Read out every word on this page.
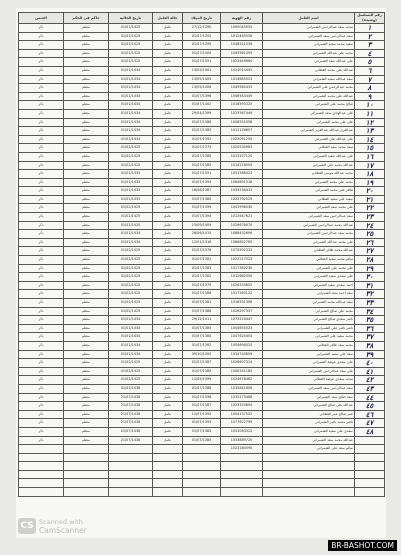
رقم التسلسل (وصيدة)	اسم العامل	رقم الهوية	تاريخ الميلاد	حالة العامل	تاريخ الحالية	حاكم في الحكم	الجنس
١	محمد سعد عبدالرحمن الشمراني	1090045055	27/12/1390	عامل	01/01/1425	منطم	ذكر
٢	سعد عبدالرحمن سعد الشمراني	1012465558	01/07/1392	عامل	01/01/1425	منطم	ذكر
٣	سعيد محمد سعيد الشمراني	1048521536	01/07/1390	عامل	01/01/1425	منطم	ذكر
٤	محمد علي عبدالله الشمراني	1045561095	01/07/1400	عامل	01/01/1425	منطم	ذكر
٥	علي عبدالله سعد الشمراني	1023449664	01/07/1391	عامل	01/01/1425	منطم	ذكر
٦	عبدالله علي محمد القطاني	1024014455	13/05/1401	عامل	01/01/1434	منطم	ذكر
٧	سعد عبدالله سعيد الشمراني	1014665023	13/05/1405	عامل	01/01/1434	منطم	ذكر
٨	محمد عبدالرحمن علي الشمراني	1049560433	13/05/1406	عامل	01/01/1434	منطم	ذكر
٩	عبدالله علي محمد الشمراني	1046583449	01/07/1396	عامل	01/01/1434	منطم	ذكر
١٠	صالح محمد علي الشمراني	1016593325	01/07/1402	عامل	01/01/1434	منطم	ذكر
١١	علي عبدالهادي سعد الشمراني	1025567449	29/04/1399	عامل	01/01/1434	منطم	ذكر
١٢	علي علي محمد الشمراني	1008551058	01/07/1388	عامل	01/01/1434	منطم	ذكر
١٣	عبدالعزيز عبدالله عبدالعزيز الشمراني	1012126657	01/07/1383	عامل	01/01/1434	منطم	ذكر
١٤	علي عبدالله علي الشمراني	1022051250	01/07/1392	عامل	01/01/1434	منطم	ذكر
١٥	سعد محمد سعد القطاني	1020530963	01/07/1375	عامل	01/02/1425	منطم	ذكر
١٦	علي عبدالله سعيد الشمراني	1013157120	01/07/1380	عامل	01/02/1425	منطم	ذكر
١٧	عبدالله محمد علي الشمراني	1014218505	01/07/1385	عامل	01/02/1425	منطم	ذكر
١٨	محمد عبدالله موسى القطاني	1051568423	01/07/1391	عامل	01/01/1435	منطم	ذكر
١٩	محمد علي محمد الشمراني	1064691518	01/07/1394	عامل	01/01/1435	منطم	ذكر
٢٠	ظافر علي محمد الشمراني	1035534412	16/08/1387	عامل	01/01/1435	منطم	ذكر
٢١	سعيد علي سعيد القطاني	1022792525	01/07/1380	عامل	01/01/1435	منطم	ذكر
٢٢	علي محمد سعد الشمراني	1041996530	01/07/1399	عامل	01/02/1425	منطم	ذكر
٢٣	سعد عبدالرحمن سعد الشمراني	1012647621	01/07/1394	عامل	01/02/1425	منطم	ذكر
٢٤	عبدالله محمد عبدالرحمن الشمراني	1026676070	15/09/1409	عامل	01/02/1425	منطم	ذكر
٢٥	محمد سعد عبدالرحمن الشمراني	1068452696	26/06/1415	عامل	01/01/1434	منطم	ذكر
٢٦	علي محمد عبدالله الشمراني	1066652785	12/01/1416	عامل	01/01/1434	منطم	ذكر
٢٧	عبدالله محمد ظافر القطاني	1075592333	01/07/1376	عامل	01/02/1425	منطم	ذكر
٢٨	سالم محمد سعيد القطاني	1022217523	01/07/1381	عامل	01/02/1425	منطم	ذكر
٢٩	علي محمد علي الشمراني	1017362230	01/07/1383	عامل	01/02/1425	منطم	ذكر
٣٠	علي سعدي سعيد الشمراني	1012662050	01/07/1382	عامل	01/02/1425	منطم	ذكر
٣١	احمد سعدي سعيد الشمراني	1026333852	01/07/1379	عامل	01/02/1425	منطم	ذكر
٣٢	سعد احمد سعد الشمراني	1017263122	01/07/1386	عامل	01/02/1425	منطم	ذكر
٣٣	سعد عبدالله محمد الشمراني	1016531396	01/07/1381	عامل	01/02/1425	منطم	ذكر
٣٤	محمد علي صالح الشمراني	1026297337	01/07/1388	عامل	01/02/1425	منطم	ذكر
٣٥	ناصر سعدي صالح الشمراني	1072524447	29/12/1411	عامل	01/01/1434	منطم	ذكر
٣٦	ناصر ناصر علي الشمراني	1044655023	01/07/1385	عامل	01/01/1434	منطم	ذكر
٣٧	محمد سعيد علي الشمراني	1047624404	01/07/1384	عامل	01/01/1434	منطم	ذكر
٣٨	محمد سعد ظافر القطاني	1054694025	01/07/1392	عامل	01/01/1434	منطم	ذكر
٣٩	سعد علي سعيد الشمراني	1034745859	09/10/1392	عامل	01/01/1434	منطم	ذكر
٤٠	علي سعدي عوضة الشمراني	1026607314	01/07/1387	عامل	01/02/1425	منطم	ذكر
٤١	علي سعد عبدالرحمن الشمراني	1040241185	01/07/1385	عامل	01/02/1425	منطم	ذكر
٤٢	محمد سعدي عوضة القطاني	1024678462	11/05/1399	عامل	01/02/1425	منطم	ذكر
٤٣	سعد عبدالرحمن سعد الشمراني	1035841606	01/07/1388	عامل	01/01/1438	منطم	ذكر
٤٤	سعد صالح سعد الشمراني	1035273488	01/07/1398	عامل	21/07/1438	منطم	ذكر
٤٥	عبدالله علي صالح الشمراني	1023324894	01/07/1387	عامل	21/07/1438	منطم	ذكر
٤٦	عمر صالح عمر القطاني	1004157552	11/07/1392	عامل	21/07/1438	منطم	ذكر
٤٧	ناصر محمد ناصر الشمراني	1077622799	01/07/1393	عامل	21/07/1438	منطم	ذكر
٤٨	سعدي علي سعيد الشمراني	1053063322	01/07/1382	عامل	21/07/1438	منطم	ذكر
	عبدالله محمد سعد الشمراني	1033889720	01/07/1385	عامل	21/07/1438	منطم	ذكر
	سالم سعد علي الشمراني	1023164590					

CS Scanned with
CamScanner
BR-BASHOT.COM
